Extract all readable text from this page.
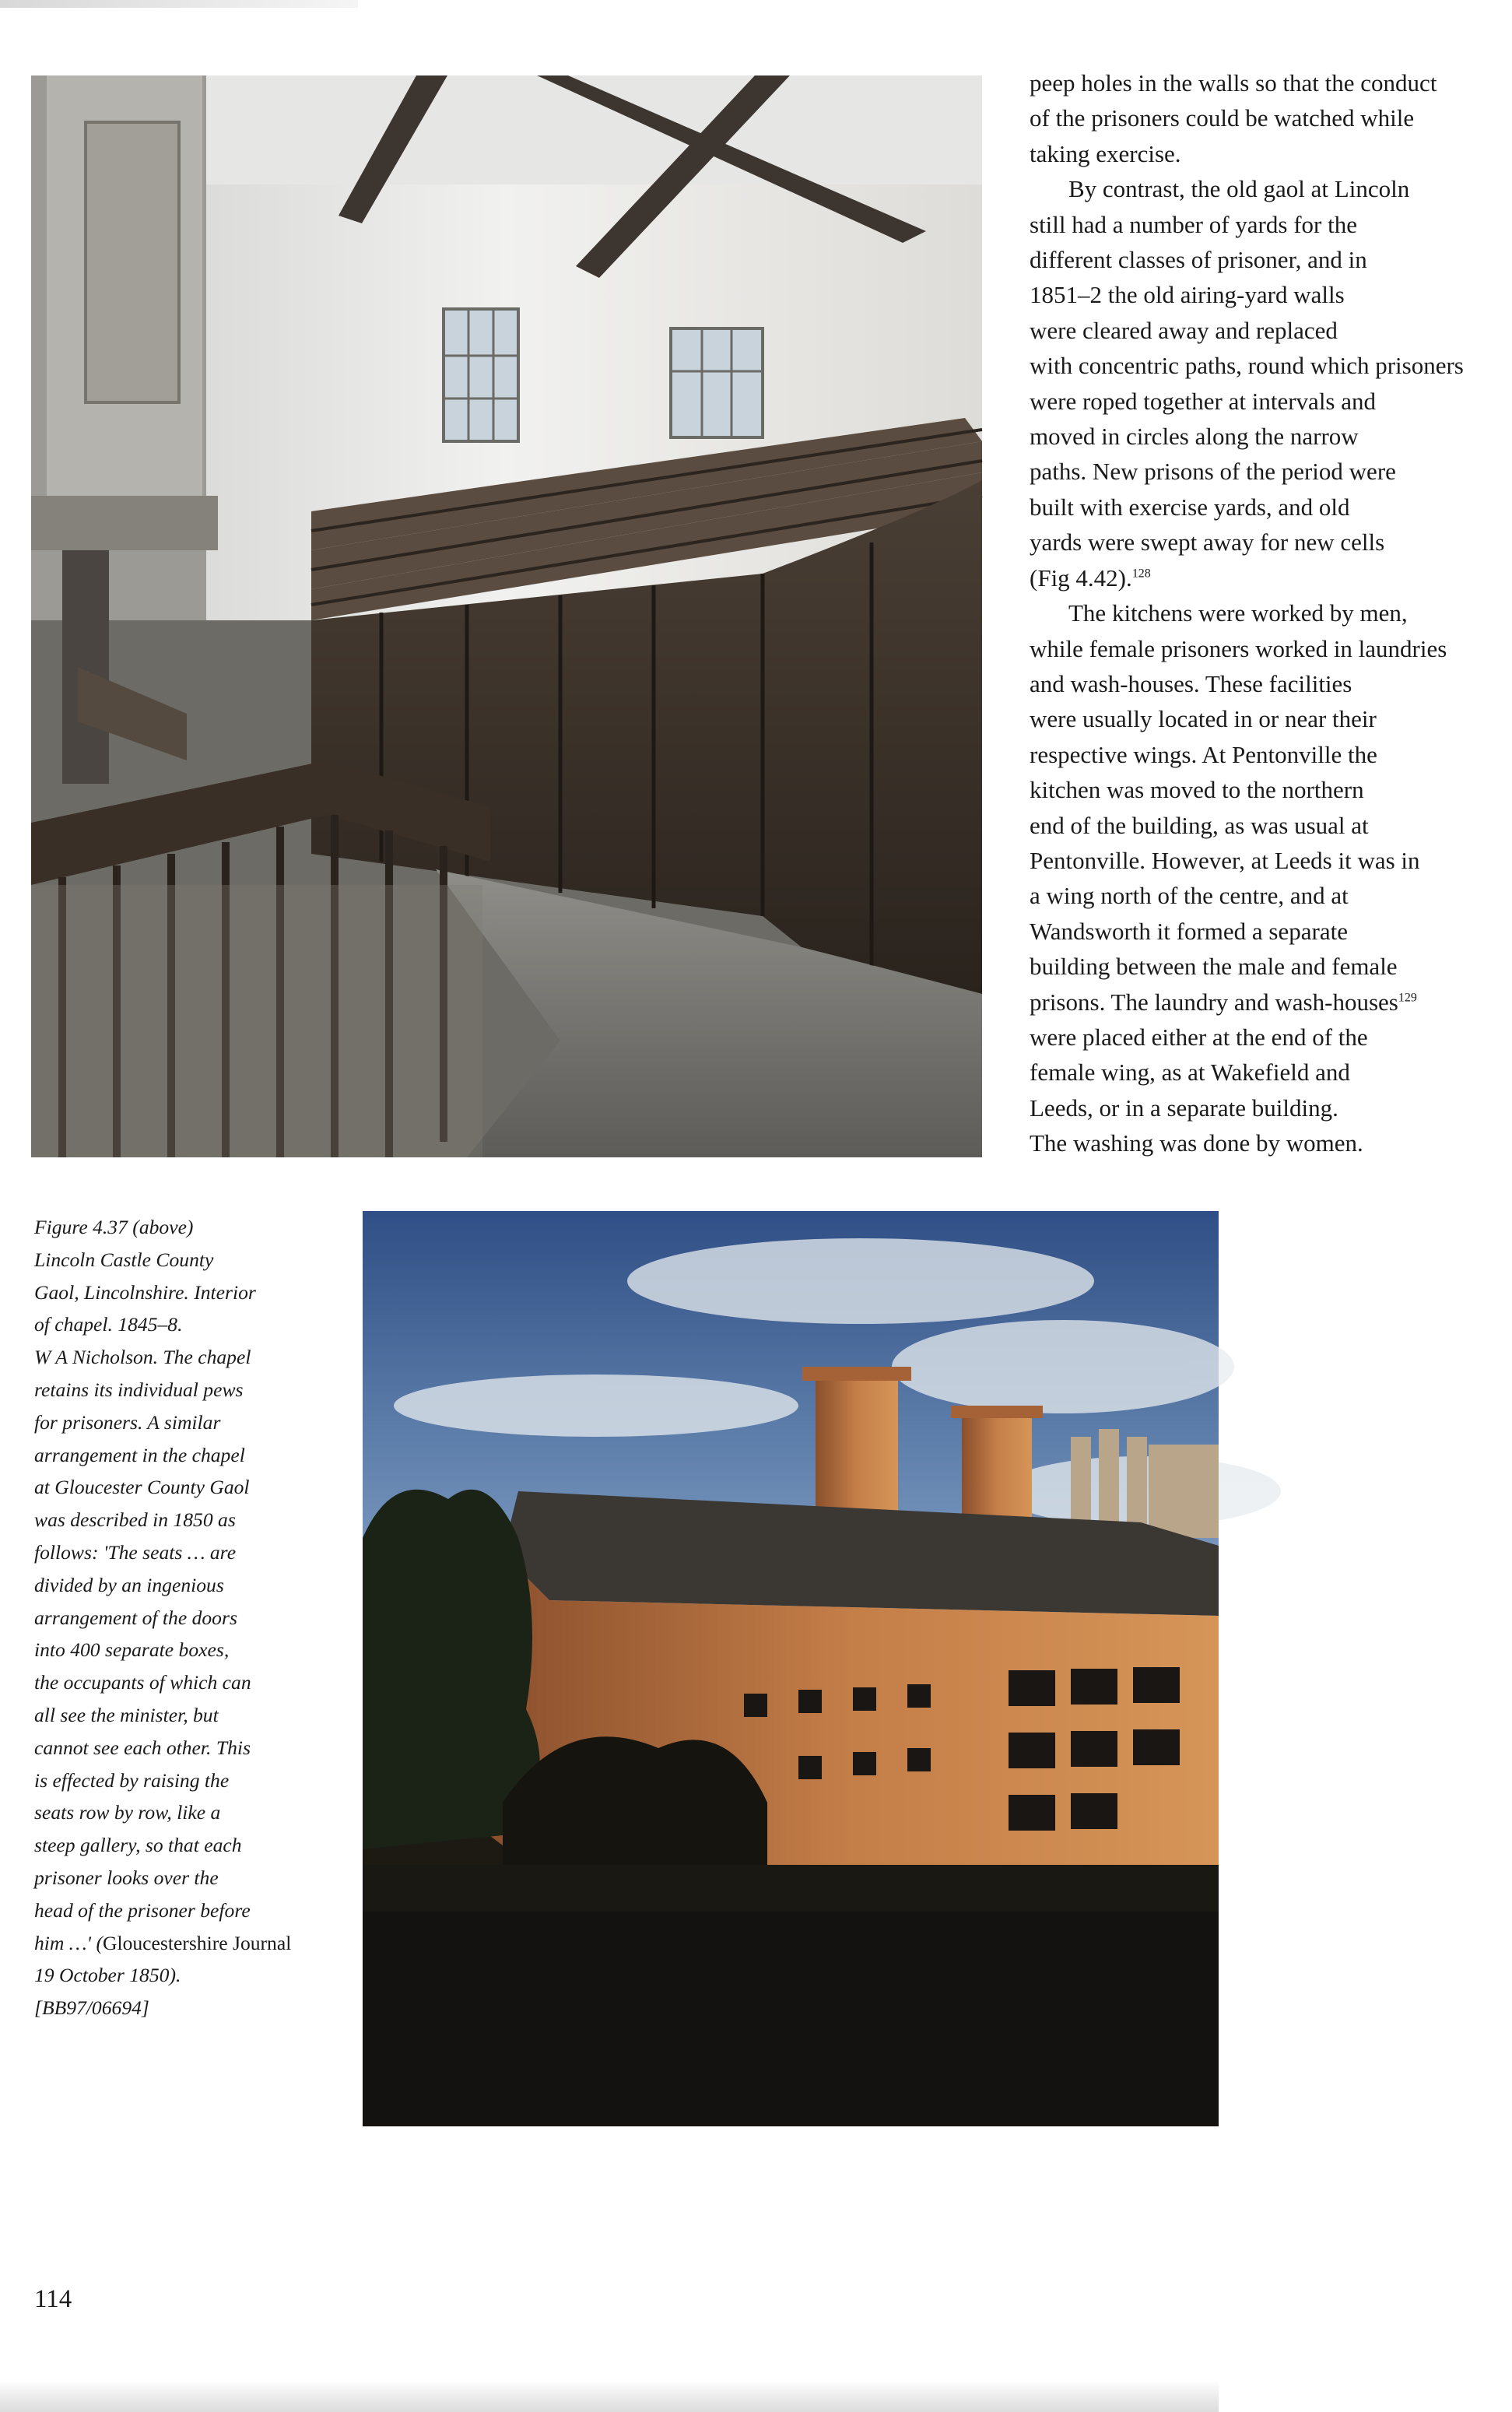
peep holes in the walls so that the conduct

of the prisoners could be watched while

taking exercise.

By contrast, the old gaol at Lincoln

still had a number of yards for the

different classes of prisoner, and in

1851–2 the old airing-yard walls

were cleared away and replaced

with concentric paths, round which prisoners

were roped together at intervals and

moved in circles along the narrow

paths. New prisons of the period were

built with exercise yards, and old

yards were swept away for new cells

(Fig 4.42).$^{128}$

The kitchens were worked by men,

while female prisoners worked in laundries

and wash-houses. These facilities

were usually located in or near their

respective wings. At Pentonville the

kitchen was moved to the northern

end of the building, as was usual at

Pentonville. However, at Leeds it was in

a wing north of the centre, and at

Wandsworth it formed a separate

building between the male and female

prisons. The laundry and wash-houses$^{129}$

were placed either at the end of the

female wing, as at Wakefield and

Leeds, or in a separate building.

The washing was done by women.

Figure 4.37 (above)
Lincoln Castle County
Gaol, Lincolnshire. Interior
of chapel. 1845–8.
W A Nicholson. The chapel
retains its individual pews
for prisoners. A similar
arrangement in the chapel
at Gloucester County Gaol
was described in 1850 as
follows: 'The seats … are
divided by an ingenious
arrangement of the doors
into 400 separate boxes,
the occupants of which can
all see the minister, but
cannot see each other. This
is effected by raising the
seats row by row, like a
steep gallery, so that each
prisoner looks over the
head of the prisoner before
him …' (Gloucestershire Journal
19 October 1850).
[BB97/06694]
114
